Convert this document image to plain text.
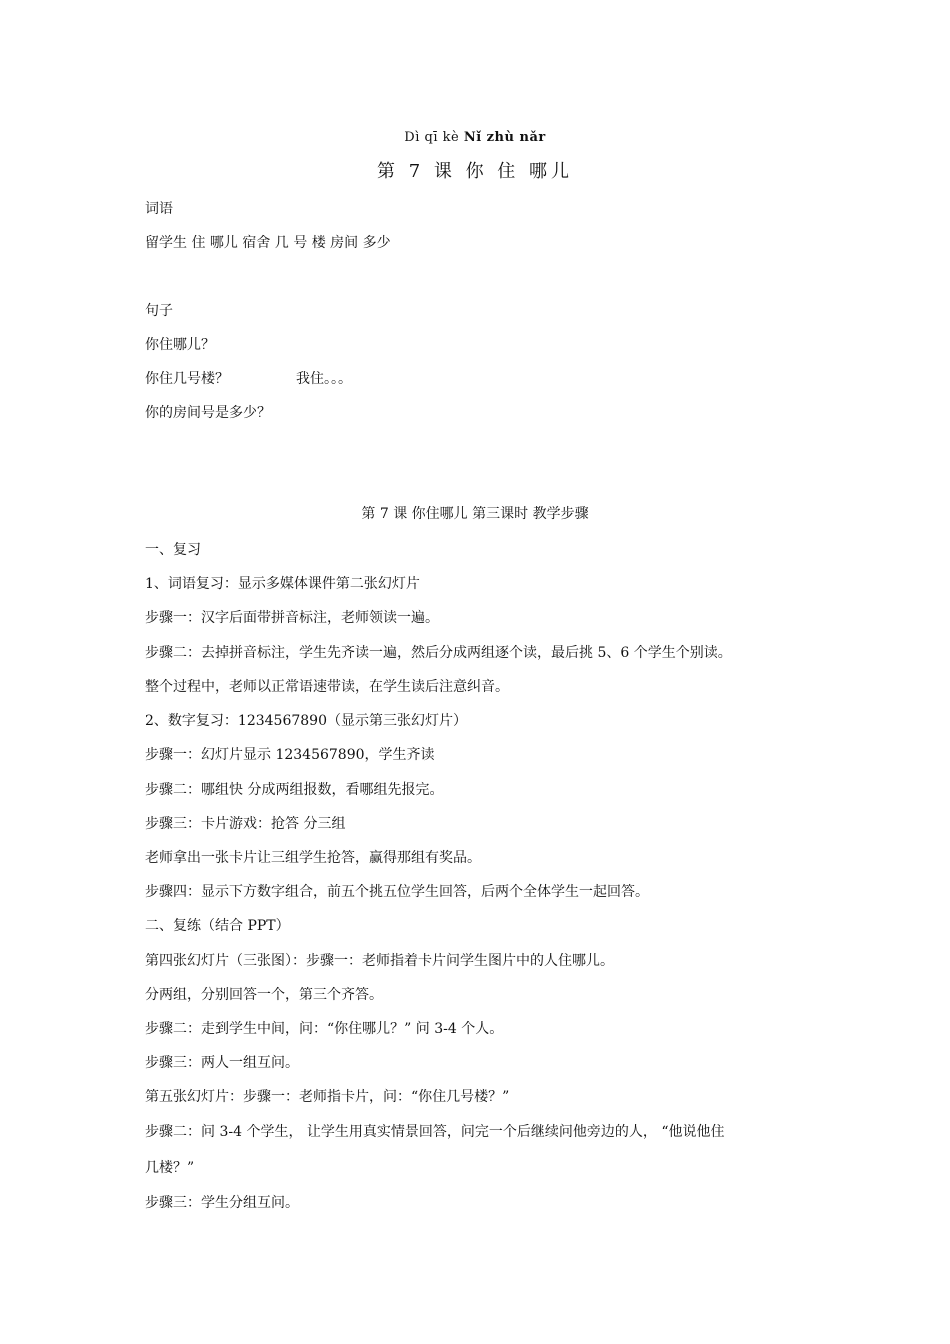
Dì qī kè Nǐ zhù nǎr
第 7 课 你 住 哪儿
词语
留学生 住 哪儿 宿舍 几 号 楼 房间 多少
句子
你住哪儿？
你住几号楼？	我住。。。
你的房间号是多少？
第 7 课 你住哪儿 第三课时 教学步骤
一、复习
1、词语复习：显示多媒体课件第二张幻灯片
步骤一：汉字后面带拼音标注，老师领读一遍。
步骤二：去掉拼音标注，学生先齐读一遍，然后分成两组逐个读，最后挑 5、6 个学生个别读。
整个过程中，老师以正常语速带读，在学生读后注意纠音。
2、数字复习：1234567890（显示第三张幻灯片）
步骤一：幻灯片显示 1234567890，学生齐读
步骤二：哪组快 分成两组报数，看哪组先报完。
步骤三：卡片游戏：抢答 分三组
老师拿出一张卡片让三组学生抢答，赢得那组有奖品。
步骤四：显示下方数字组合，前五个挑五位学生回答，后两个全体学生一起回答。
二、复练（结合 PPT）
第四张幻灯片（三张图）：步骤一：老师指着卡片问学生图片中的人住哪儿。
分两组，分别回答一个，第三个齐答。
步骤二：走到学生中间，问：“你住哪儿？” 问 3-4 个人。
步骤三：两人一组互问。
第五张幻灯片：步骤一：老师指卡片，问：“你住几号楼？”
步骤二：问 3-4 个学生， 让学生用真实情景回答，问完一个后继续问他旁边的人， “他说他住
几楼？”
步骤三：学生分组互问。
